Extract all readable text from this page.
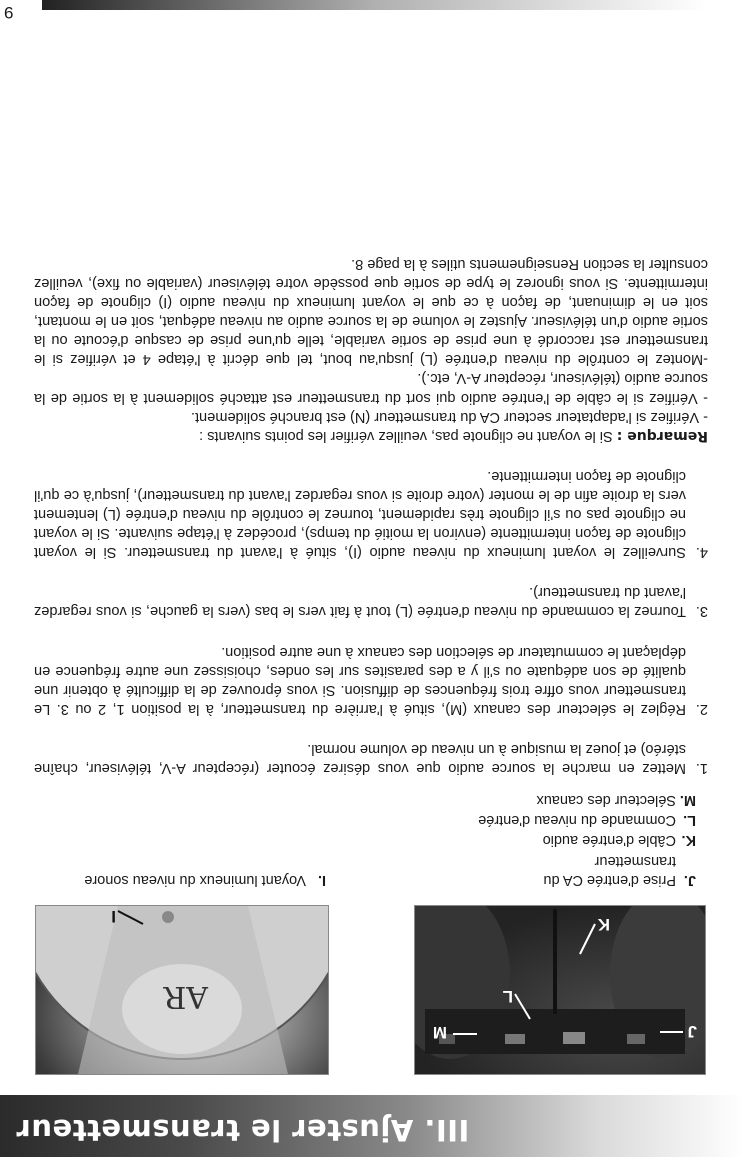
III. Ajuster le transmetteur
K
L
M	J
AR
I
J.Prise d'entrée CA du transmetteur
K.Câble d'entrée audio
L.Commande du niveau d'entrée
M.Sélecteur des canaux
I.Voyant lumineux du niveau sonore
1.

Mettez en marche la source audio que vous désirez écouter (récepteur A-V, téléviseur, chaîne stéréo) et jouez la musique à un niveau de volume normal.

2.

Réglez le sélecteur des canaux (M), situé à l'arrière du transmetteur, à la position 1, 2 ou 3. Le transmetteur vous offre trois fréquences de diffusion. Si vous éprouvez de la difficulté à obtenir une qualité de son adéquate ou s'il y a des parasites sur les ondes, choisissez une autre fréquence en déplaçant le commutateur de sélection des canaux à une autre position.

3.

Tournez la commande du niveau d'entrée (L) tout à fait vers le bas (vers la gauche, si vous regardez l'avant du transmetteur).

4.

Surveillez le voyant lumineux du niveau audio (I), situé à l'avant du transmetteur. Si le voyant clignote de façon intermittente (environ la moitié du temps), procédez à l'étape suivante. Si le voyant ne clignote pas ou s'il clignote très rapidement, tournez le contrôle du niveau d'entrée (L) lentement vers la droite afin de le monter (votre droite si vous regardez l'avant du transmetteur), jusqu'à ce qu'il clignote de façon intermittente.

Remarque : Si le voyant ne clignote pas, veuillez vérifier les points suivants :

- Vérifiez si l'adaptateur secteur CA du transmetteur (N) est branché solidement.

- Vérifiez si le câble de l'entrée audio qui sort du transmetteur est attaché solidement à la sortie de la source audio (téléviseur, récepteur A-V, etc.).

-Montez le contrôle du niveau d'entrée (L) jusqu'au bout, tel que décrit à l'étape 4 et vérifiez si le transmetteur est raccordé à une prise de sortie variable, telle qu'une prise de casque d'écoute ou la sortie audio d'un téléviseur. Ajustez le volume de la source audio au niveau adéquat, soit en le montant, soit en le diminuant, de façon à ce que le voyant lumineux du niveau audio (I) clignote de façon intermittente. Si vous ignorez le type de sortie que possède votre téléviseur (variable ou fixe), veuillez consulter la section Renseignements utiles à la page 8.

9
